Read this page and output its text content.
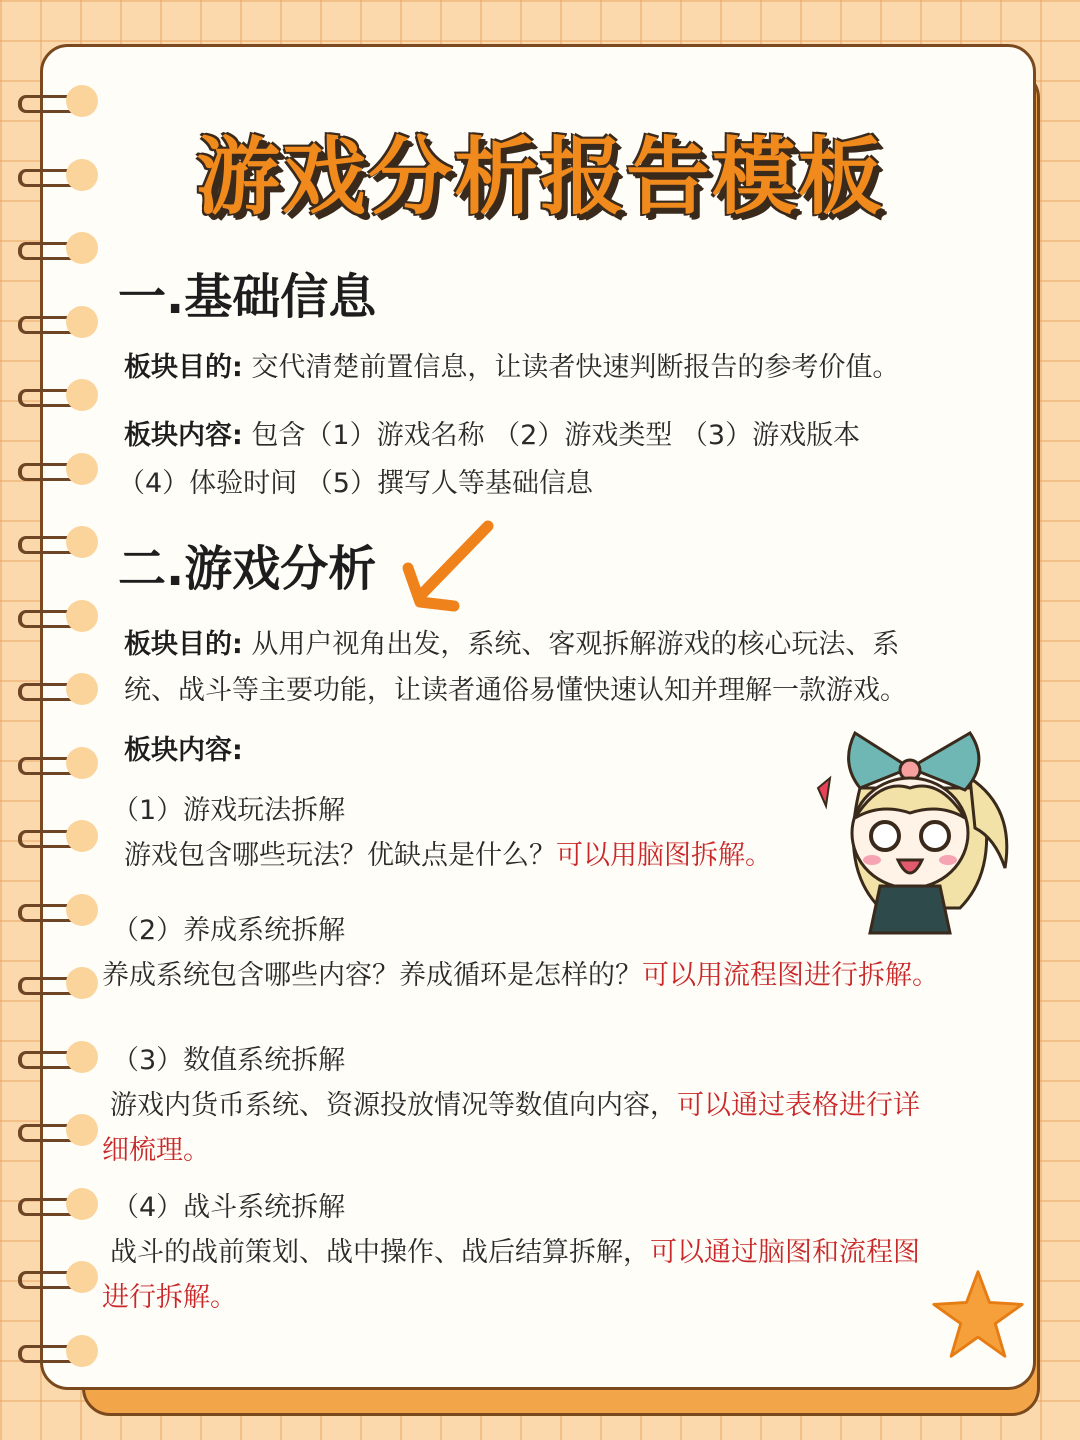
游戏分析报告模板
一.基础信息
板块目的: 交代清楚前置信息，让读者快速判断报告的参考价值。
板块内容: 包含（1）游戏名称 （2）游戏类型 （3）游戏版本
（4）体验时间 （5）撰写人等基础信息
二.游戏分析
板块目的: 从用户视角出发，系统、客观拆解游戏的核心玩法、系
统、战斗等主要功能，让读者通俗易懂快速认知并理解一款游戏。
板块内容:
（1）游戏玩法拆解
游戏包含哪些玩法？优缺点是什么？可以用脑图拆解。
（2）养成系统拆解
养成系统包含哪些内容？养成循环是怎样的？可以用流程图进行拆解。
（3）数值系统拆解
游戏内货币系统、资源投放情况等数值向内容，可以通过表格进行详
细梳理。
（4）战斗系统拆解
战斗的战前策划、战中操作、战后结算拆解，可以通过脑图和流程图
进行拆解。
